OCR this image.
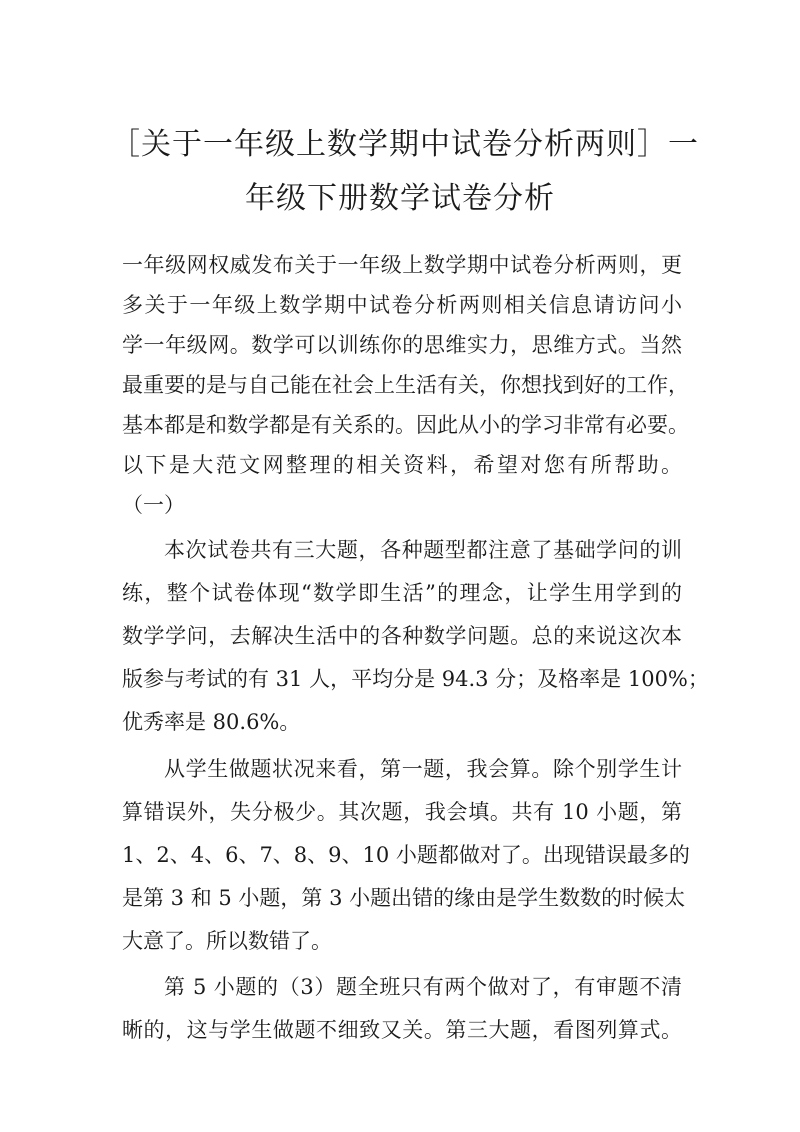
［关于一年级上数学期中试卷分析两则］一
年级下册数学试卷分析

一年级网权威发布关于一年级上数学期中试卷分析两则，更

多关于一年级上数学期中试卷分析两则相关信息请访问小

学一年级网。数学可以训练你的思维实力，思维方式。当然

最重要的是与自己能在社会上生活有关，你想找到好的工作，

基本都是和数学都是有关系的。因此从小的学习非常有必要。

以下是大范文网整理的相关资料，希望对您有所帮助。

（一）

本次试卷共有三大题，各种题型都注意了基础学问的训

练，整个试卷体现“数学即生活”的理念，让学生用学到的

数学学问，去解决生活中的各种数学问题。总的来说这次本

版参与考试的有 31 人，平均分是 94.3 分；及格率是 100%；

优秀率是 80.6%。

从学生做题状况来看，第一题，我会算。除个别学生计

算错误外，失分极少。其次题，我会填。共有 10 小题，第

1、2、4、6、7、8、9、10 小题都做对了。出现错误最多的

是第 3 和 5 小题，第 3 小题出错的缘由是学生数数的时候太

大意了。所以数错了。

第 5 小题的（3）题全班只有两个做对了，有审题不清

晰的，这与学生做题不细致又关。第三大题，看图列算式。
